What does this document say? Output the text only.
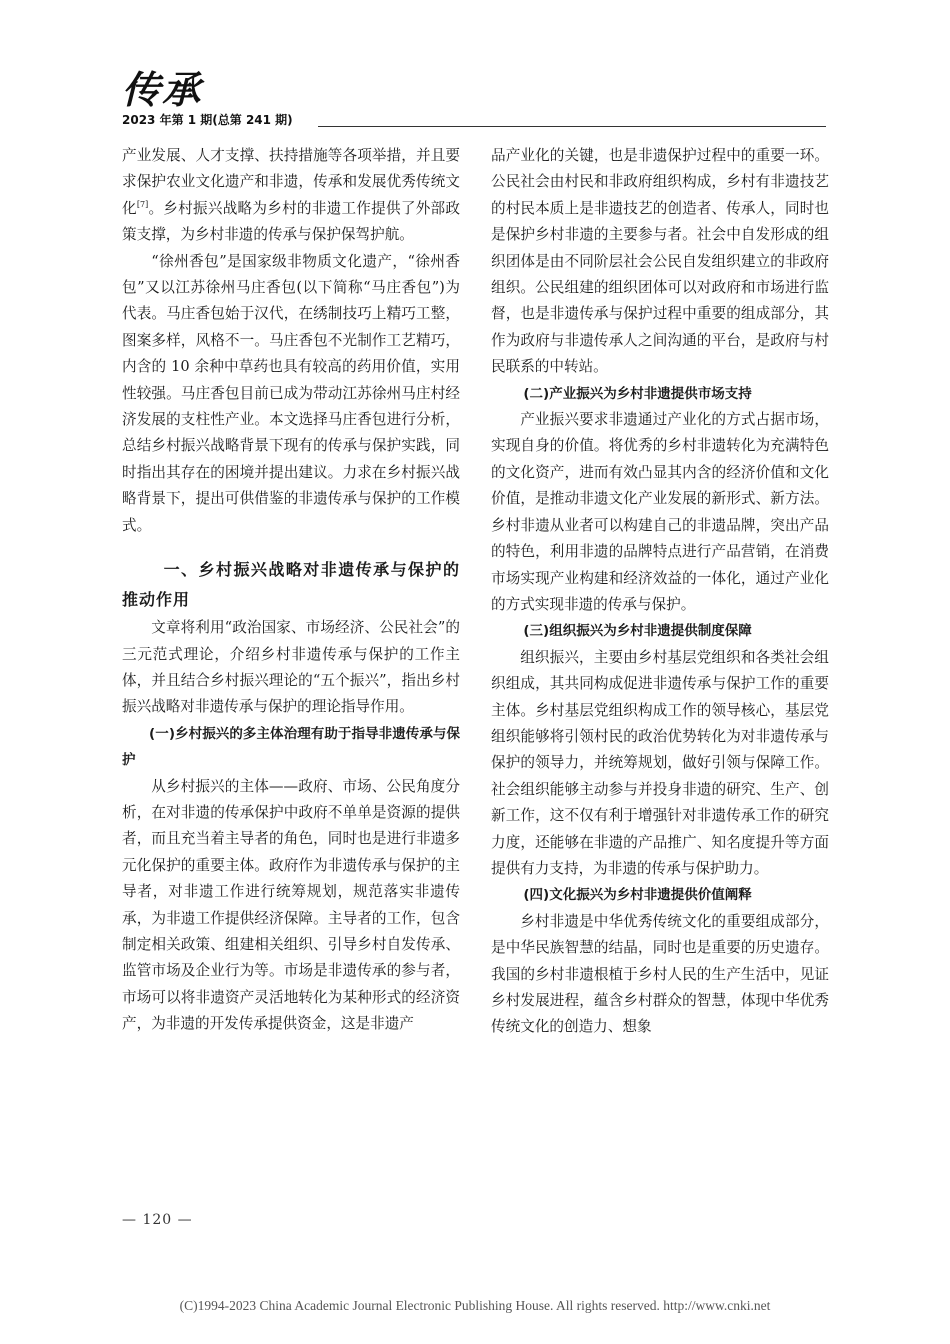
传承
2023 年第 1 期(总第 241 期)

产业发展、人才支撑、扶持措施等各项举措，并且要求保护农业文化遗产和非遗，传承和发展优秀传统文化[7]。乡村振兴战略为乡村的非遗工作提供了外部政策支撑，为乡村非遗的传承与保护保驾护航。

“徐州香包”是国家级非物质文化遗产，“徐州香包”又以江苏徐州马庄香包(以下简称“马庄香包”)为代表。马庄香包始于汉代，在绣制技巧上精巧工整，图案多样，风格不一。马庄香包不光制作工艺精巧，内含的 10 余种中草药也具有较高的药用价值，实用性较强。马庄香包目前已成为带动江苏徐州马庄村经济发展的支柱性产业。本文选择马庄香包进行分析，总结乡村振兴战略背景下现有的传承与保护实践，同时指出其存在的困境并提出建议。力求在乡村振兴战略背景下，提出可供借鉴的非遗传承与保护的工作模式。

一、乡村振兴战略对非遗传承与保护的推动作用

文章将利用“政治国家、市场经济、公民社会”的三元范式理论，介绍乡村非遗传承与保护的工作主体，并且结合乡村振兴理论的“五个振兴”，指出乡村振兴战略对非遗传承与保护的理论指导作用。

(一)乡村振兴的多主体治理有助于指导非遗传承与保护

从乡村振兴的主体——政府、市场、公民角度分析，在对非遗的传承保护中政府不单单是资源的提供者，而且充当着主导者的角色，同时也是进行非遗多元化保护的重要主体。政府作为非遗传承与保护的主导者，对非遗工作进行统筹规划，规范落实非遗传承，为非遗工作提供经济保障。主导者的工作，包含制定相关政策、组建相关组织、引导乡村自发传承、监管市场及企业行为等。市场是非遗传承的参与者，市场可以将非遗资产灵活地转化为某种形式的经济资产，为非遗的开发传承提供资金，这是非遗产

品产业化的关键，也是非遗保护过程中的重要一环。公民社会由村民和非政府组织构成，乡村有非遗技艺的村民本质上是非遗技艺的创造者、传承人，同时也是保护乡村非遗的主要参与者。社会中自发形成的组织团体是由不同阶层社会公民自发组织建立的非政府组织。公民组建的组织团体可以对政府和市场进行监督，也是非遗传承与保护过程中重要的组成部分，其作为政府与非遗传承人之间沟通的平台，是政府与村民联系的中转站。

(二)产业振兴为乡村非遗提供市场支持

产业振兴要求非遗通过产业化的方式占据市场，实现自身的价值。将优秀的乡村非遗转化为充满特色的文化资产，进而有效凸显其内含的经济价值和文化价值，是推动非遗文化产业发展的新形式、新方法。乡村非遗从业者可以构建自己的非遗品牌，突出产品的特色，利用非遗的品牌特点进行产品营销，在消费市场实现产业构建和经济效益的一体化，通过产业化的方式实现非遗的传承与保护。

(三)组织振兴为乡村非遗提供制度保障

组织振兴，主要由乡村基层党组织和各类社会组织组成，其共同构成促进非遗传承与保护工作的重要主体。乡村基层党组织构成工作的领导核心，基层党组织能够将引领村民的政治优势转化为对非遗传承与保护的领导力，并统筹规划，做好引领与保障工作。社会组织能够主动参与并投身非遗的研究、生产、创新工作，这不仅有利于增强针对非遗传承工作的研究力度，还能够在非遗的产品推广、知名度提升等方面提供有力支持，为非遗的传承与保护助力。

(四)文化振兴为乡村非遗提供价值阐释

乡村非遗是中华优秀传统文化的重要组成部分，是中华民族智慧的结晶，同时也是重要的历史遗存。我国的乡村非遗根植于乡村人民的生产生活中，见证乡村发展进程，蕴含乡村群众的智慧，体现中华优秀传统文化的创造力、想象

— 120 —
(C)1994-2023 China Academic Journal Electronic Publishing House. All rights reserved. http://www.cnki.net
